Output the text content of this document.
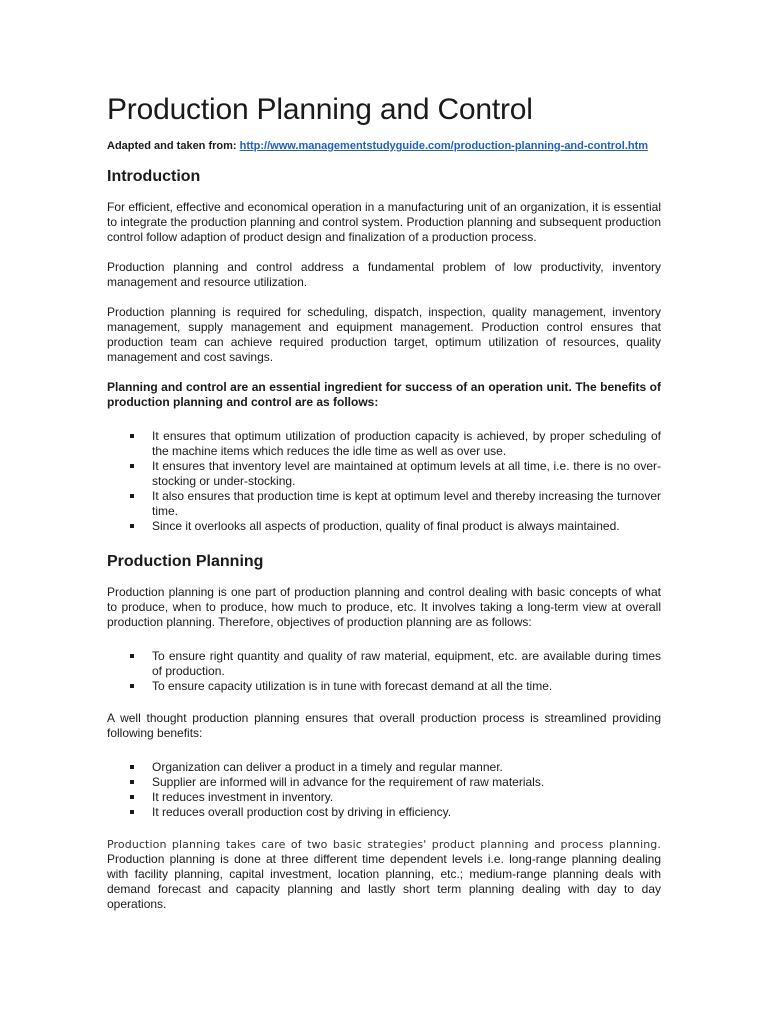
Production Planning and Control
Adapted and taken from: http://www.managementstudyguide.com/production-planning-and-control.htm
Introduction

For efficient, effective and economical operation in a manufacturing unit of an organization, it is essential to integrate the production planning and control system. Production planning and subsequent production control follow adaption of product design and finalization of a production process.

Production planning and control address a fundamental problem of low productivity, inventory management and resource utilization.

Production planning is required for scheduling, dispatch, inspection, quality management, inventory management, supply management and equipment management. Production control ensures that production team can achieve required production target, optimum utilization of resources, quality management and cost savings.

Planning and control are an essential ingredient for success of an operation unit. The benefits of production planning and control are as follows:

It ensures that optimum utilization of production capacity is achieved, by proper scheduling of the machine items which reduces the idle time as well as over use.
It ensures that inventory level are maintained at optimum levels at all time, i.e. there is no over-stocking or under-stocking.
It also ensures that production time is kept at optimum level and thereby increasing the turnover time.
Since it overlooks all aspects of production, quality of final product is always maintained.
Production Planning

Production planning is one part of production planning and control dealing with basic concepts of what to produce, when to produce, how much to produce, etc. It involves taking a long-term view at overall production planning. Therefore, objectives of production planning are as follows:

To ensure right quantity and quality of raw material, equipment, etc. are available during times of production.
To ensure capacity utilization is in tune with forecast demand at all the time.

A well thought production planning ensures that overall production process is streamlined providing following benefits:

Organization can deliver a product in a timely and regular manner.
Supplier are informed will in advance for the requirement of raw materials.
It reduces investment in inventory.
It reduces overall production cost by driving in efficiency.

Production planning takes care of two basic strategies' product planning and process planning. Production planning is done at three different time dependent levels i.e. long-range planning dealing with facility planning, capital investment, location planning, etc.; medium-range planning deals with demand forecast and capacity planning and lastly short term planning dealing with day to day operations.
